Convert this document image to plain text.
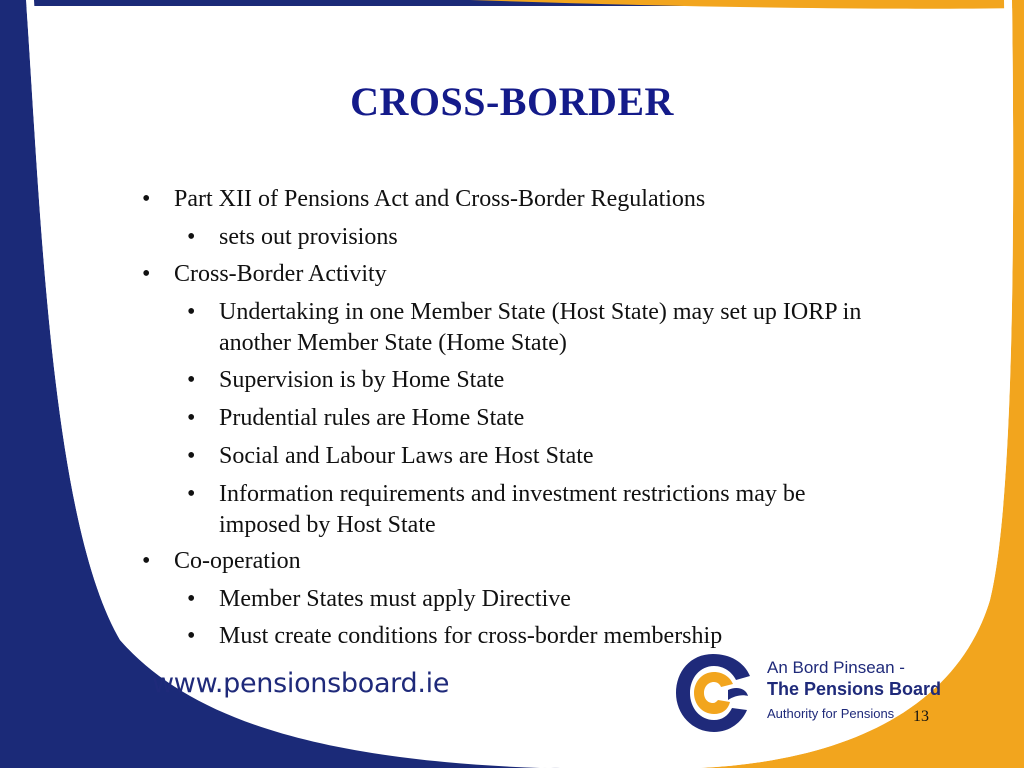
CROSS-BORDER
• Part XII of Pensions Act and Cross-Border Regulations
• sets out provisions
• Cross-Border Activity
• Undertaking in one Member State (Host State) may set up IORP in
another Member State (Home State)
• Supervision is by Home State
• Prudential rules are Home State
• Social and Labour Laws are Host State
• Information requirements and investment restrictions may be
imposed by Host State
• Co-operation
• Member States must apply Directive
• Must create conditions for cross-border membership
www.pensionsboard.ie
An Bord Pinsean -
The Pensions Board
Authority for Pensions 13
